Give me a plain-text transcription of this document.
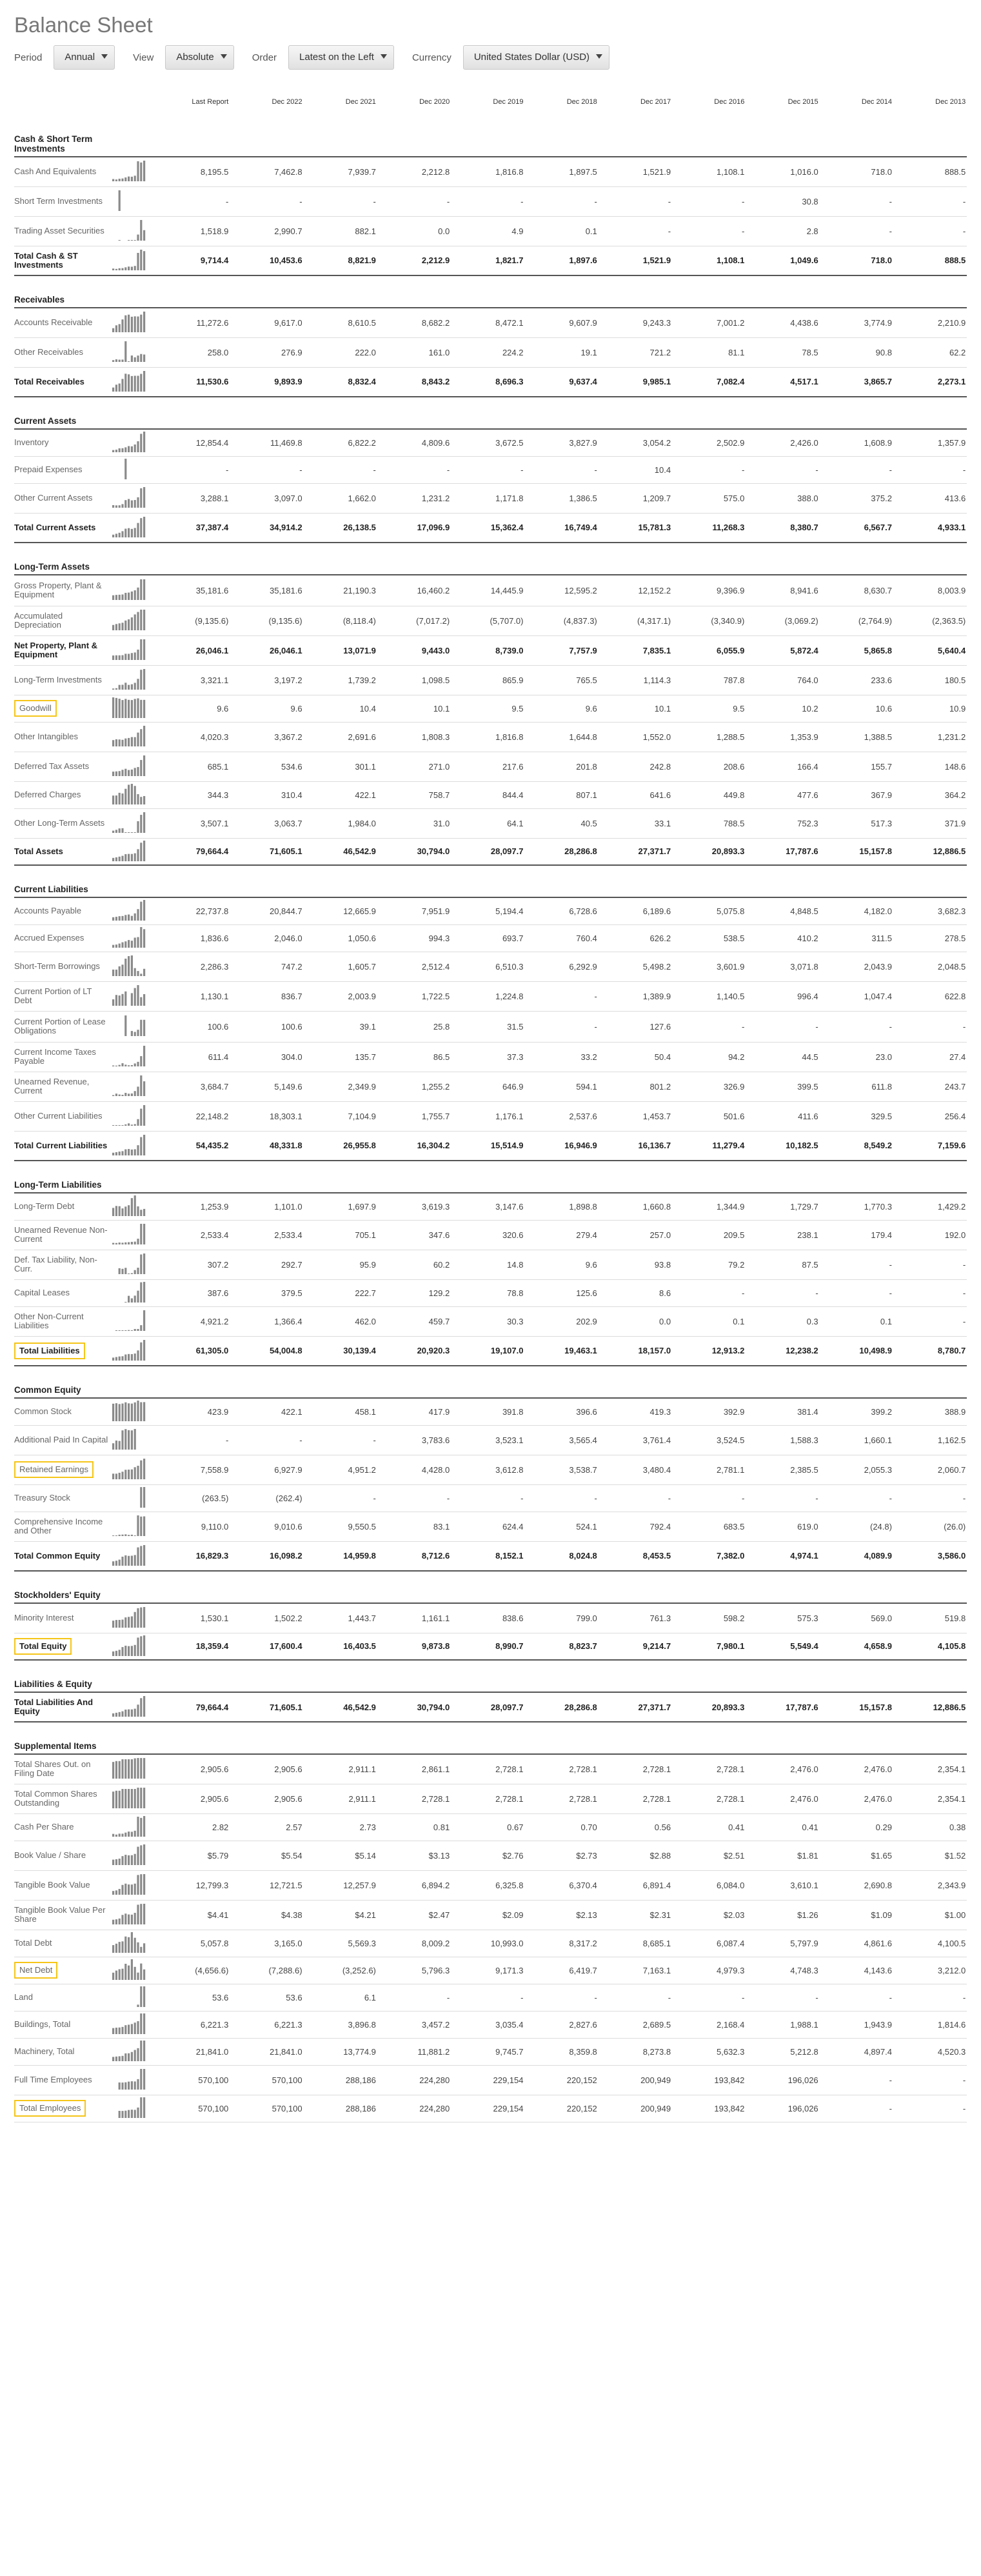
Balance Sheet
Period	Annual	View	Absolute	Order	Latest on the Left	Currency	United States Dollar (USD)
		Last Report	Dec 2022	Dec 2021	Dec 2020	Dec 2019	Dec 2018	Dec 2017	Dec 2016	Dec 2015	Dec 2014	Dec 2013

Cash & Short Term Investments												
Cash And Equivalents		8,195.5	7,462.8	7,939.7	2,212.8	1,816.8	1,897.5	1,521.9	1,108.1	1,016.0	718.0	888.5
Short Term Investments		-	-	-	-	-	-	-	-	30.8	-	-
Trading Asset Securities		1,518.9	2,990.7	882.1	0.0	4.9	0.1	-	-	2.8	-	-
Total Cash & ST Investments		9,714.4	10,453.6	8,821.9	2,212.9	1,821.7	1,897.6	1,521.9	1,108.1	1,049.6	718.0	888.5

Receivables												
Accounts Receivable		11,272.6	9,617.0	8,610.5	8,682.2	8,472.1	9,607.9	9,243.3	7,001.2	4,438.6	3,774.9	2,210.9
Other Receivables		258.0	276.9	222.0	161.0	224.2	19.1	721.2	81.1	78.5	90.8	62.2
Total Receivables		11,530.6	9,893.9	8,832.4	8,843.2	8,696.3	9,637.4	9,985.1	7,082.4	4,517.1	3,865.7	2,273.1

Current Assets												
Inventory		12,854.4	11,469.8	6,822.2	4,809.6	3,672.5	3,827.9	3,054.2	2,502.9	2,426.0	1,608.9	1,357.9
Prepaid Expenses		-	-	-	-	-	-	10.4	-	-	-	-
Other Current Assets		3,288.1	3,097.0	1,662.0	1,231.2	1,171.8	1,386.5	1,209.7	575.0	388.0	375.2	413.6
Total Current Assets		37,387.4	34,914.2	26,138.5	17,096.9	15,362.4	16,749.4	15,781.3	11,268.3	8,380.7	6,567.7	4,933.1

Long-Term Assets												
Gross Property, Plant & Equipment		35,181.6	35,181.6	21,190.3	16,460.2	14,445.9	12,595.2	12,152.2	9,396.9	8,941.6	8,630.7	8,003.9
Accumulated Depreciation		(9,135.6)	(9,135.6)	(8,118.4)	(7,017.2)	(5,707.0)	(4,837.3)	(4,317.1)	(3,340.9)	(3,069.2)	(2,764.9)	(2,363.5)
Net Property, Plant & Equipment		26,046.1	26,046.1	13,071.9	9,443.0	8,739.0	7,757.9	7,835.1	6,055.9	5,872.4	5,865.8	5,640.4
Long-Term Investments		3,321.1	3,197.2	1,739.2	1,098.5	865.9	765.5	1,114.3	787.8	764.0	233.6	180.5
Goodwill		9.6	9.6	10.4	10.1	9.5	9.6	10.1	9.5	10.2	10.6	10.9
Other Intangibles		4,020.3	3,367.2	2,691.6	1,808.3	1,816.8	1,644.8	1,552.0	1,288.5	1,353.9	1,388.5	1,231.2
Deferred Tax Assets		685.1	534.6	301.1	271.0	217.6	201.8	242.8	208.6	166.4	155.7	148.6
Deferred Charges		344.3	310.4	422.1	758.7	844.4	807.1	641.6	449.8	477.6	367.9	364.2
Other Long-Term Assets		3,507.1	3,063.7	1,984.0	31.0	64.1	40.5	33.1	788.5	752.3	517.3	371.9
Total Assets		79,664.4	71,605.1	46,542.9	30,794.0	28,097.7	28,286.8	27,371.7	20,893.3	17,787.6	15,157.8	12,886.5

Current Liabilities												
Accounts Payable		22,737.8	20,844.7	12,665.9	7,951.9	5,194.4	6,728.6	6,189.6	5,075.8	4,848.5	4,182.0	3,682.3
Accrued Expenses		1,836.6	2,046.0	1,050.6	994.3	693.7	760.4	626.2	538.5	410.2	311.5	278.5
Short-Term Borrowings		2,286.3	747.2	1,605.7	2,512.4	6,510.3	6,292.9	5,498.2	3,601.9	3,071.8	2,043.9	2,048.5
Current Portion of LT Debt		1,130.1	836.7	2,003.9	1,722.5	1,224.8	-	1,389.9	1,140.5	996.4	1,047.4	622.8
Current Portion of Lease Obligations		100.6	100.6	39.1	25.8	31.5	-	127.6	-	-	-	-
Current Income Taxes Payable		611.4	304.0	135.7	86.5	37.3	33.2	50.4	94.2	44.5	23.0	27.4
Unearned Revenue, Current		3,684.7	5,149.6	2,349.9	1,255.2	646.9	594.1	801.2	326.9	399.5	611.8	243.7
Other Current Liabilities		22,148.2	18,303.1	7,104.9	1,755.7	1,176.1	2,537.6	1,453.7	501.6	411.6	329.5	256.4
Total Current Liabilities		54,435.2	48,331.8	26,955.8	16,304.2	15,514.9	16,946.9	16,136.7	11,279.4	10,182.5	8,549.2	7,159.6

Long-Term Liabilities												
Long-Term Debt		1,253.9	1,101.0	1,697.9	3,619.3	3,147.6	1,898.8	1,660.8	1,344.9	1,729.7	1,770.3	1,429.2
Unearned Revenue Non-Current		2,533.4	2,533.4	705.1	347.6	320.6	279.4	257.0	209.5	238.1	179.4	192.0
Def. Tax Liability, Non-Curr.		307.2	292.7	95.9	60.2	14.8	9.6	93.8	79.2	87.5	-	-
Capital Leases		387.6	379.5	222.7	129.2	78.8	125.6	8.6	-	-	-	-
Other Non-Current Liabilities		4,921.2	1,366.4	462.0	459.7	30.3	202.9	0.0	0.1	0.3	0.1	-
Total Liabilities		61,305.0	54,004.8	30,139.4	20,920.3	19,107.0	19,463.1	18,157.0	12,913.2	12,238.2	10,498.9	8,780.7

Common Equity												
Common Stock		423.9	422.1	458.1	417.9	391.8	396.6	419.3	392.9	381.4	399.2	388.9
Additional Paid In Capital		-	-	-	3,783.6	3,523.1	3,565.4	3,761.4	3,524.5	1,588.3	1,660.1	1,162.5
Retained Earnings		7,558.9	6,927.9	4,951.2	4,428.0	3,612.8	3,538.7	3,480.4	2,781.1	2,385.5	2,055.3	2,060.7
Treasury Stock		(263.5)	(262.4)	-	-	-	-	-	-	-	-	-
Comprehensive Income and Other		9,110.0	9,010.6	9,550.5	83.1	624.4	524.1	792.4	683.5	619.0	(24.8)	(26.0)
Total Common Equity		16,829.3	16,098.2	14,959.8	8,712.6	8,152.1	8,024.8	8,453.5	7,382.0	4,974.1	4,089.9	3,586.0

Stockholders' Equity												
Minority Interest		1,530.1	1,502.2	1,443.7	1,161.1	838.6	799.0	761.3	598.2	575.3	569.0	519.8
Total Equity		18,359.4	17,600.4	16,403.5	9,873.8	8,990.7	8,823.7	9,214.7	7,980.1	5,549.4	4,658.9	4,105.8

Liabilities & Equity												
Total Liabilities And Equity		79,664.4	71,605.1	46,542.9	30,794.0	28,097.7	28,286.8	27,371.7	20,893.3	17,787.6	15,157.8	12,886.5

Supplemental Items												
Total Shares Out. on Filing Date		2,905.6	2,905.6	2,911.1	2,861.1	2,728.1	2,728.1	2,728.1	2,728.1	2,476.0	2,476.0	2,354.1
Total Common Shares Outstanding		2,905.6	2,905.6	2,911.1	2,728.1	2,728.1	2,728.1	2,728.1	2,728.1	2,476.0	2,476.0	2,354.1
Cash Per Share		2.82	2.57	2.73	0.81	0.67	0.70	0.56	0.41	0.41	0.29	0.38
Book Value / Share		$5.79	$5.54	$5.14	$3.13	$2.76	$2.73	$2.88	$2.51	$1.81	$1.65	$1.52
Tangible Book Value		12,799.3	12,721.5	12,257.9	6,894.2	6,325.8	6,370.4	6,891.4	6,084.0	3,610.1	2,690.8	2,343.9
Tangible Book Value Per Share		$4.41	$4.38	$4.21	$2.47	$2.09	$2.13	$2.31	$2.03	$1.26	$1.09	$1.00
Total Debt		5,057.8	3,165.0	5,569.3	8,009.2	10,993.0	8,317.2	8,685.1	6,087.4	5,797.9	4,861.6	4,100.5
Net Debt		(4,656.6)	(7,288.6)	(3,252.6)	5,796.3	9,171.3	6,419.7	7,163.1	4,979.3	4,748.3	4,143.6	3,212.0
Land		53.6	53.6	6.1	-	-	-	-	-	-	-	-
Buildings, Total		6,221.3	6,221.3	3,896.8	3,457.2	3,035.4	2,827.6	2,689.5	2,168.4	1,988.1	1,943.9	1,814.6
Machinery, Total		21,841.0	21,841.0	13,774.9	11,881.2	9,745.7	8,359.8	8,273.8	5,632.3	5,212.8	4,897.4	4,520.3
Full Time Employees		570,100	570,100	288,186	224,280	229,154	220,152	200,949	193,842	196,026	-	-
Total Employees		570,100	570,100	288,186	224,280	229,154	220,152	200,949	193,842	196,026	-	-
